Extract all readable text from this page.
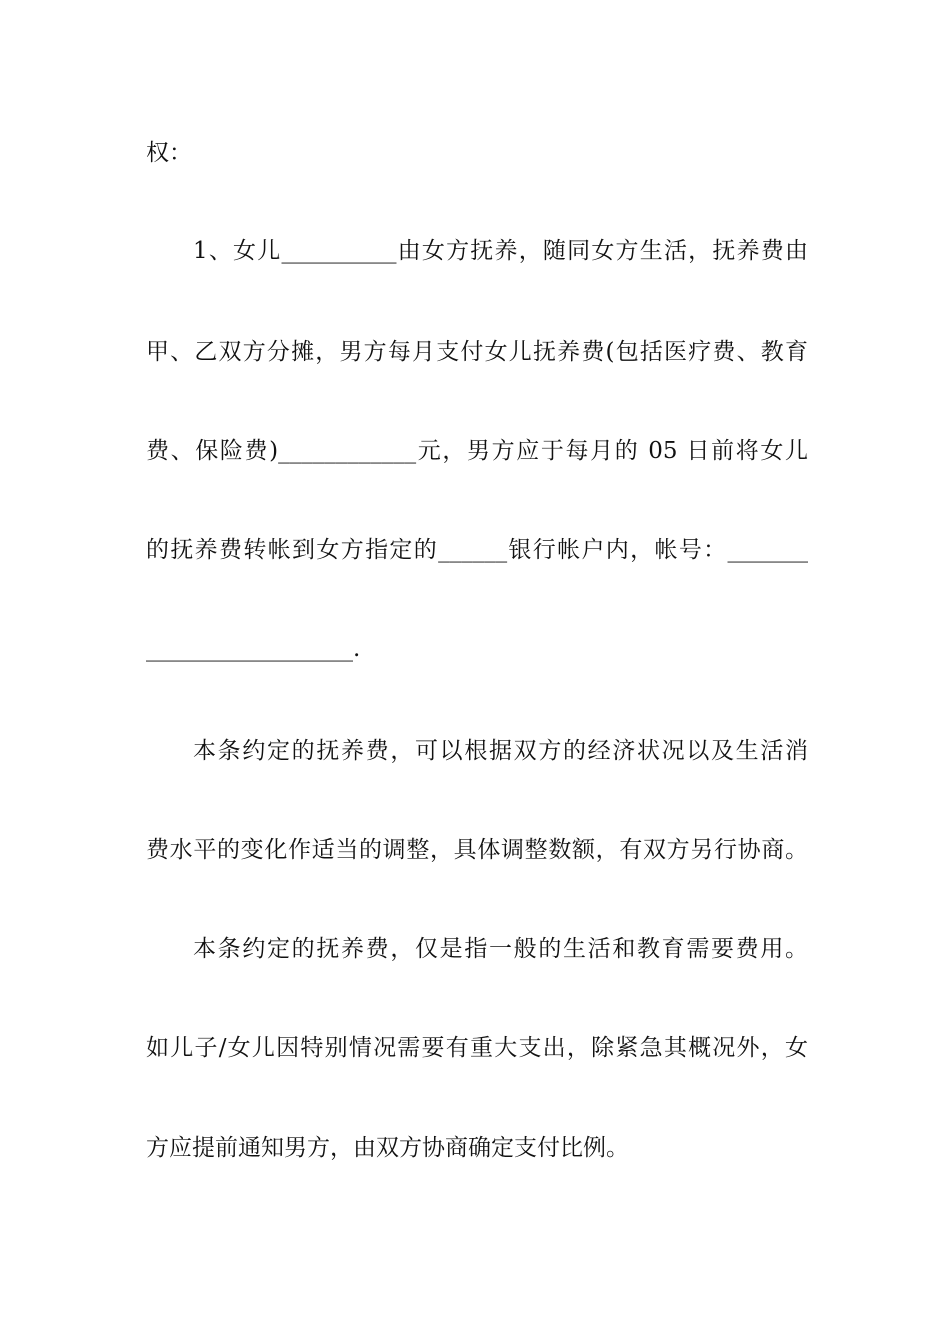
权：

1、女儿__________由女方抚养，随同女方生活，抚养费由

甲、乙双方分摊，男方每月支付女儿抚养费(包括医疗费、教育

费、保险费)____________元，男方应于每月的 05 日前将女儿

的抚养费转帐到女方指定的______银行帐户内，帐号：_______

__________________.

本条约定的抚养费，可以根据双方的经济状况以及生活消

费水平的变化作适当的调整，具体调整数额，有双方另行协商。

本条约定的抚养费，仅是指一般的生活和教育需要费用。

如儿子/女儿因特别情况需要有重大支出，除紧急其概况外，女

方应提前通知男方，由双方协商确定支付比例。
